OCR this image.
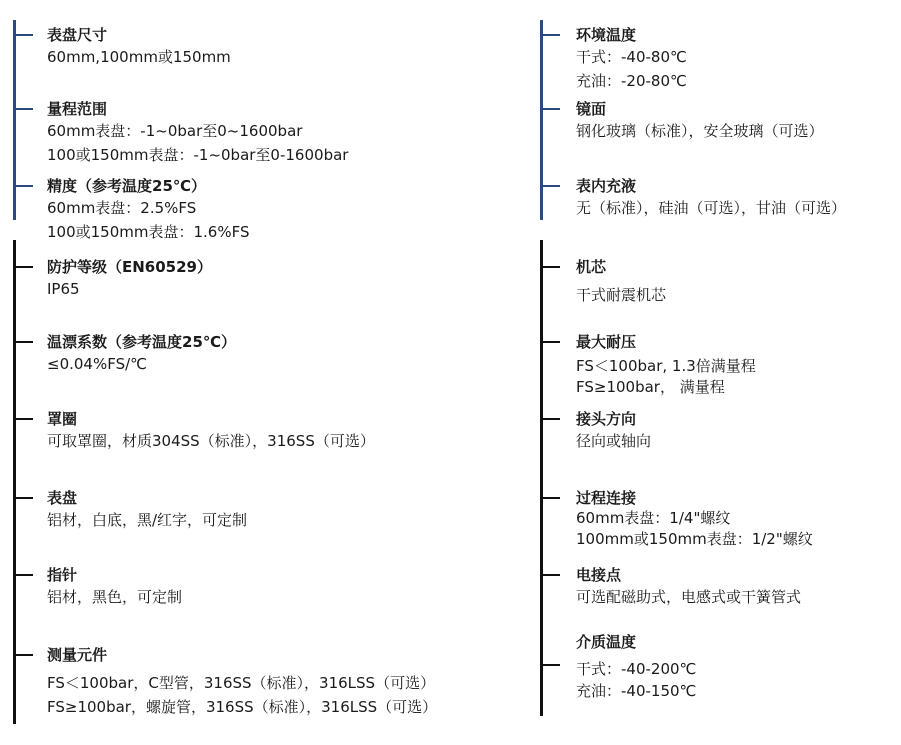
表盘尺寸
60mm,100mm或150mm
量程范围
60mm表盘：-1~0bar至0~1600bar
100或150mm表盘：-1~0bar至0-1600bar
精度（参考温度25℃）
60mm表盘：2.5%FS
100或150mm表盘：1.6%FS
防护等级（EN60529）
IP65
温漂系数（参考温度25℃）
≤0.04%FS/℃
罩圈
可取罩圈，材质304SS（标准），316SS（可选）
表盘
铝材，白底，黑/红字，可定制
指针
铝材，黑色，可定制
测量元件
FS＜100bar，C型管，316SS（标准），316LSS（可选）
FS≥100bar，螺旋管，316SS（标准），316LSS（可选）
环境温度
干式：-40-80℃
充油：-20-80℃
镜面
钢化玻璃（标准），安全玻璃（可选）
表内充液
无（标准），硅油（可选），甘油（可选）
机芯
干式耐震机芯
最大耐压
FS＜100bar, 1.3倍满量程
FS≥100bar， 满量程
接头方向
径向或轴向
过程连接
60mm表盘：1/4"螺纹
100mm或150mm表盘：1/2"螺纹
电接点
可选配磁助式，电感式或干簧管式
介质温度
干式：-40-200℃
充油：-40-150℃
